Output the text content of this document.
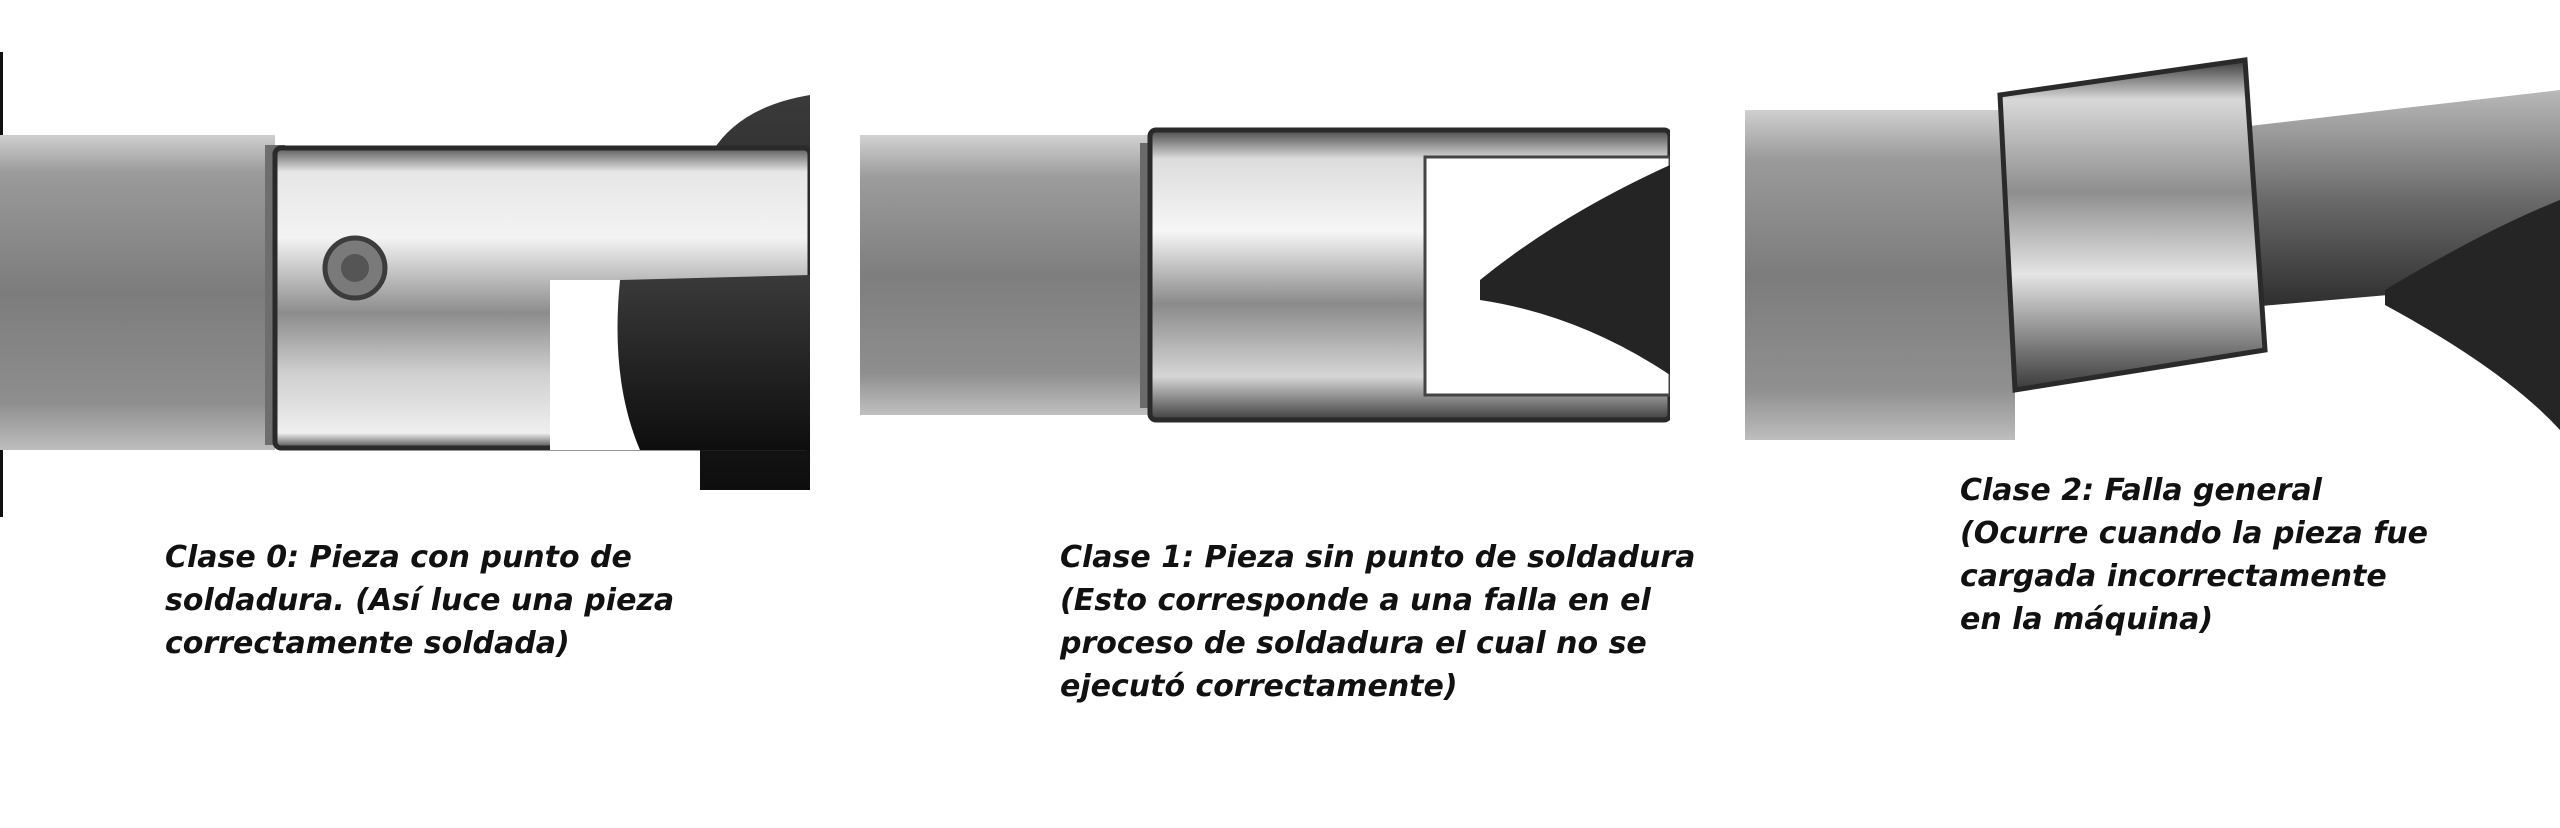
Clase 0: Pieza con punto de
soldadura. (Así luce una pieza
correctamente soldada)
Clase 1: Pieza sin punto de soldadura
(Esto corresponde a una falla en el
proceso de soldadura el cual no se
ejecutó correctamente)
Clase 2: Falla general
(Ocurre cuando la pieza fue
cargada incorrectamente
en la máquina)
